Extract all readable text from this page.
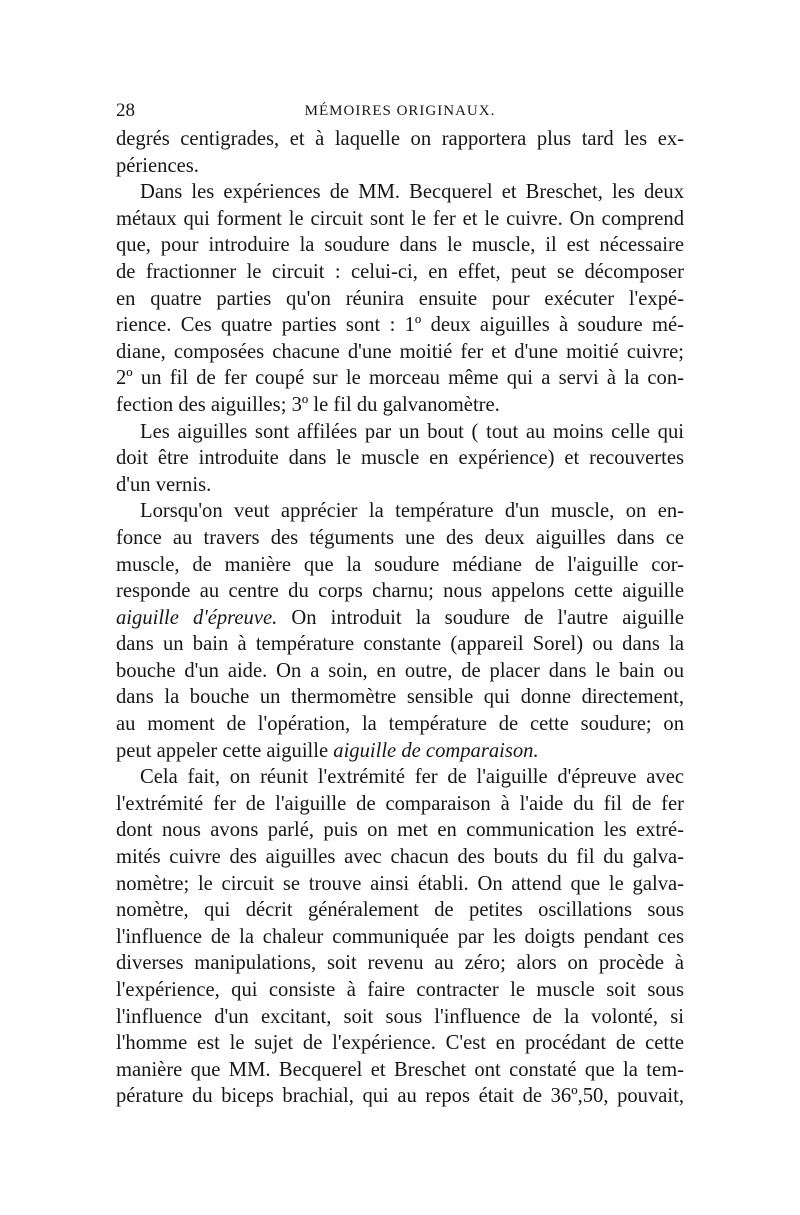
28	MÉMOIRES ORIGINAUX.
degrés centigrades, et à laquelle on rapportera plus tard les ex-
périences.
Dans les expériences de MM. Becquerel et Breschet, les deux
métaux qui forment le circuit sont le fer et le cuivre. On comprend
que, pour introduire la soudure dans le muscle, il est nécessaire
de fractionner le circuit : celui-ci, en effet, peut se décomposer
en quatre parties qu'on réunira ensuite pour exécuter l'expé-
rience. Ces quatre parties sont : 1º deux aiguilles à soudure mé-
diane, composées chacune d'une moitié fer et d'une moitié cuivre;
2º un fil de fer coupé sur le morceau même qui a servi à la con-
fection des aiguilles; 3º le fil du galvanomètre.
Les aiguilles sont affilées par un bout ( tout au moins celle qui
doit être introduite dans le muscle en expérience) et recouvertes
d'un vernis.
Lorsqu'on veut apprécier la température d'un muscle, on en-
fonce au travers des téguments une des deux aiguilles dans ce
muscle, de manière que la soudure médiane de l'aiguille cor-
responde au centre du corps charnu; nous appelons cette aiguille
aiguille d'épreuve. On introduit la soudure de l'autre aiguille
dans un bain à température constante (appareil Sorel) ou dans la
bouche d'un aide. On a soin, en outre, de placer dans le bain ou
dans la bouche un thermomètre sensible qui donne directement,
au moment de l'opération, la température de cette soudure; on
peut appeler cette aiguille aiguille de comparaison.
Cela fait, on réunit l'extrémité fer de l'aiguille d'épreuve avec
l'extrémité fer de l'aiguille de comparaison à l'aide du fil de fer
dont nous avons parlé, puis on met en communication les extré-
mités cuivre des aiguilles avec chacun des bouts du fil du galva-
nomètre; le circuit se trouve ainsi établi. On attend que le galva-
nomètre, qui décrit généralement de petites oscillations sous
l'influence de la chaleur communiquée par les doigts pendant ces
diverses manipulations, soit revenu au zéro; alors on procède à
l'expérience, qui consiste à faire contracter le muscle soit sous
l'influence d'un excitant, soit sous l'influence de la volonté, si
l'homme est le sujet de l'expérience. C'est en procédant de cette
manière que MM. Becquerel et Breschet ont constaté que la tem-
pérature du biceps brachial, qui au repos était de 36º,50, pouvait,
